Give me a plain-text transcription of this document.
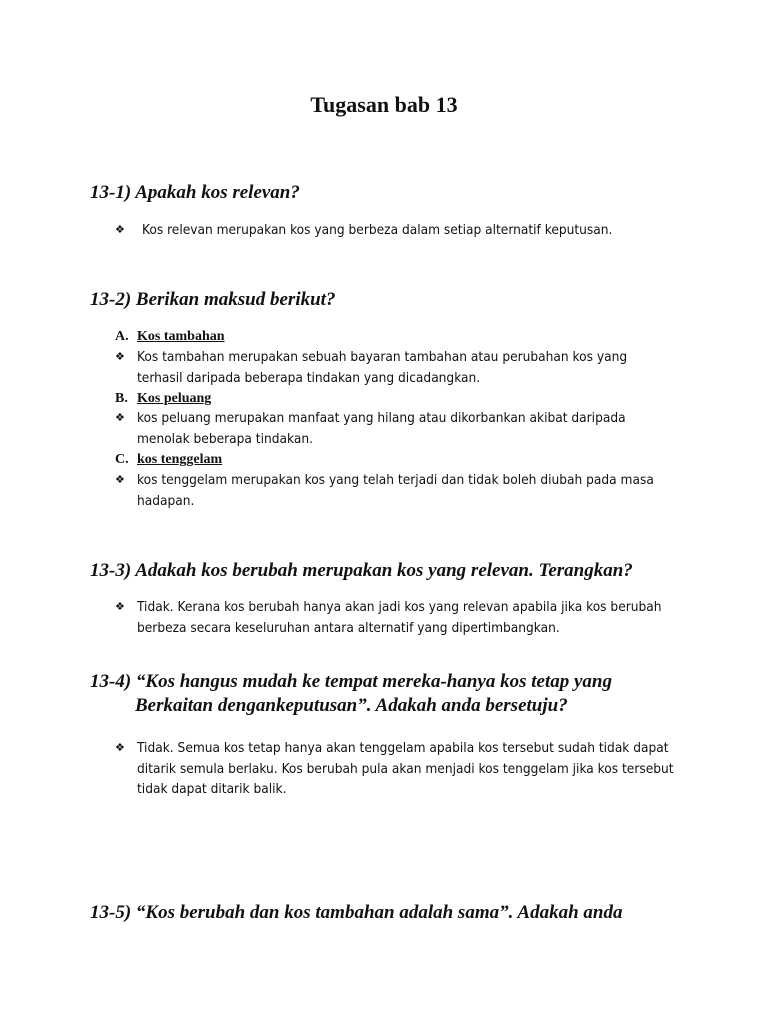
Tugasan bab 13
13-1) Apakah kos relevan?
❖	Kos relevan merupakan kos yang berbeza dalam setiap alternatif keputusan.
13-2) Berikan maksud berikut?
A. Kos tambahan
❖ Kos tambahan merupakan sebuah bayaran tambahan atau perubahan kos yang terhasil daripada beberapa tindakan yang dicadangkan.
B. Kos peluang
❖ kos peluang merupakan manfaat yang hilang atau dikorbankan akibat daripada menolak beberapa tindakan.
C. kos tenggelam
❖ kos tenggelam merupakan kos yang telah terjadi dan tidak boleh diubah pada masa hadapan.
13-3) Adakah kos berubah merupakan kos yang relevan. Terangkan?
❖ Tidak. Kerana kos berubah hanya akan jadi kos yang relevan apabila jika kos berubah berbeza secara keseluruhan antara alternatif yang dipertimbangkan.
13-4) “Kos hangus mudah ke tempat mereka-hanya kos tetap yang
Berkaitan dengankeputusan”. Adakah anda bersetuju?
❖ Tidak. Semua kos tetap hanya akan tenggelam apabila kos tersebut sudah tidak dapat ditarik semula berlaku. Kos berubah pula akan menjadi kos tenggelam jika kos tersebut tidak dapat ditarik balik.
13-5) “Kos berubah dan kos tambahan adalah sama”. Adakah anda
